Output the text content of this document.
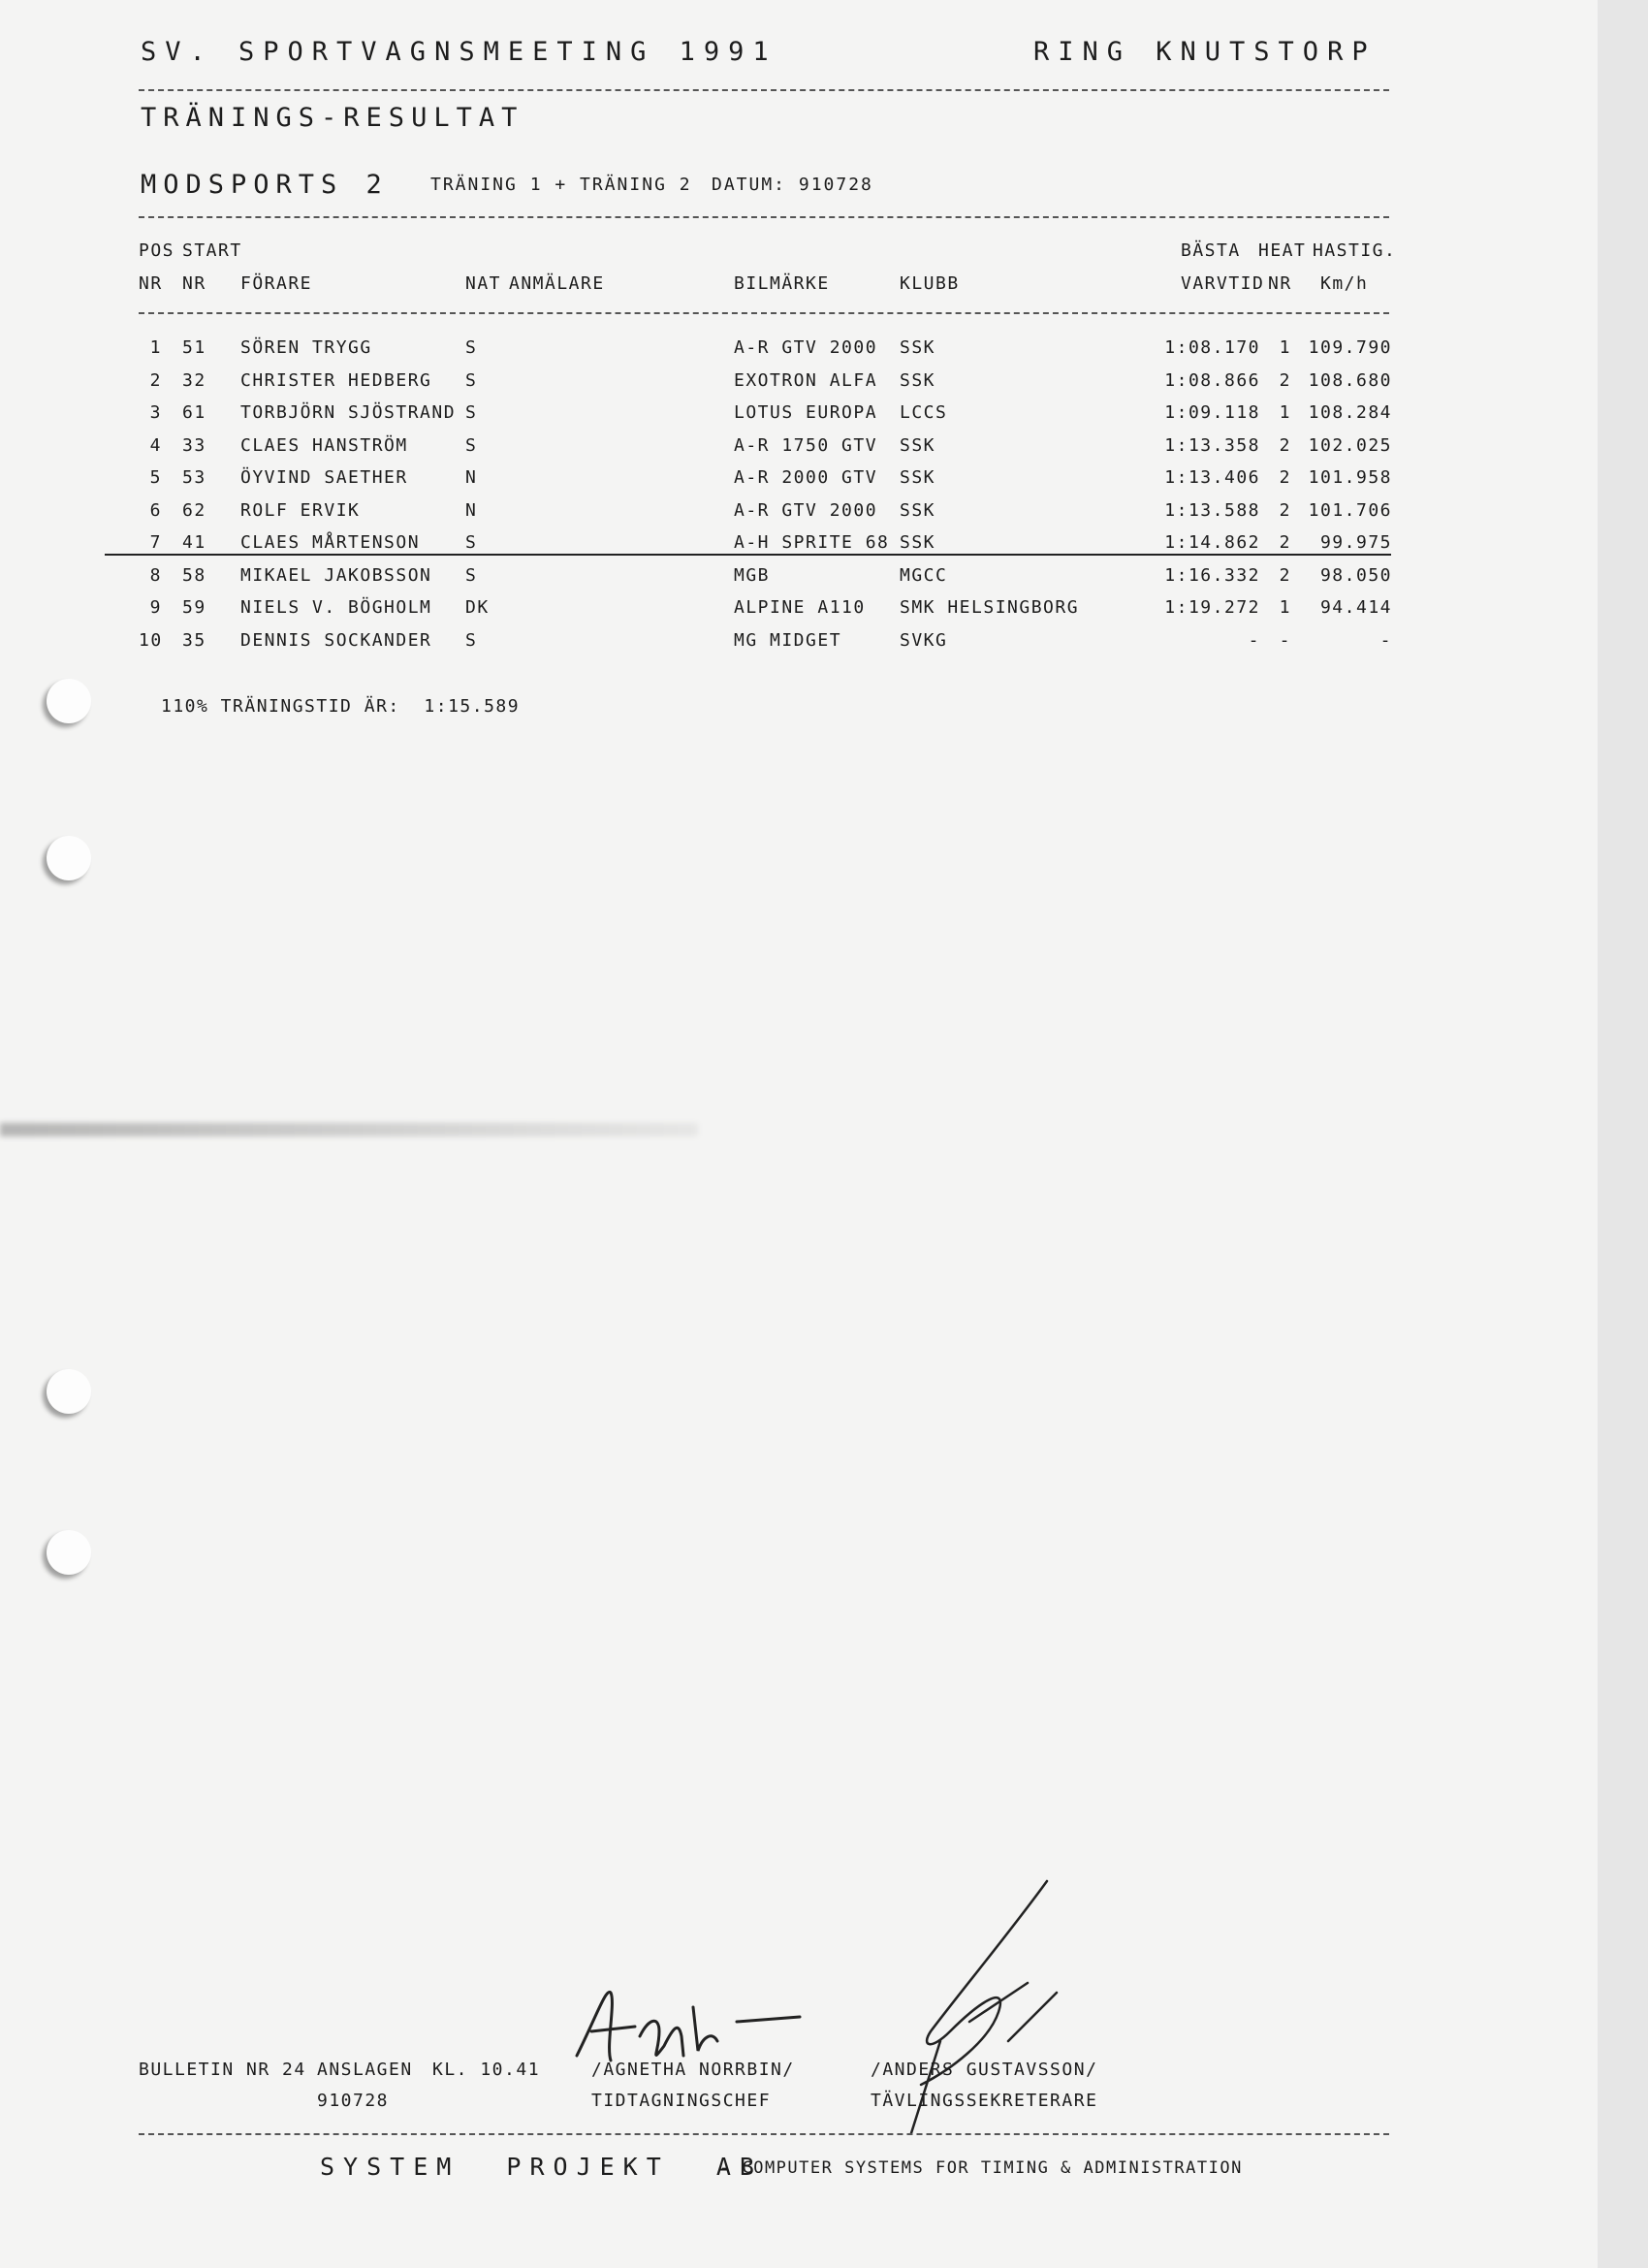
SV. SPORTVAGNSMEETING 1991	RING KNUTSTORP
TRÄNINGS-RESULTAT
MODSPORTS 2 TRÄNING 1 + TRÄNING 2 DATUM: 910728
POS START	BÄSTA HEAT HASTIG.
NR NR FÖRARE	NAT ANMÄLARE	BILMÄRKE	KLUBB	VARVTID NR Km/h
1 51	SÖREN TRYGG	S	A-R GTV 2000	SSK	1:08.170	1 109.790
2 32	CHRISTER HEDBERG	S	EXOTRON ALFA	SSK	1:08.866	2 108.680
3 61	TORBJÖRN SJÖSTRAND S	LOTUS EUROPA	LCCS	1:09.118	1 108.284
4 33	CLAES HANSTRÖM	S	A-R 1750 GTV	SSK	1:13.358	2 102.025
5 53	ÖYVIND SAETHER	N	A-R 2000 GTV	SSK	1:13.406	2 101.958
6 62	ROLF ERVIK	N	A-R GTV 2000	SSK	1:13.588	2 101.706
7 41	CLAES MÅRTENSON	S	A-H SPRITE 68 SSK	1:14.862	2	99.975
8 58	MIKAEL JAKOBSSON	S	MGB	MGCC	1:16.332	2	98.050
9 59	NIELS V. BÖGHOLM	DK	ALPINE A110	SMK HELSINGBORG	1:19.272	1	94.414
10 35	DENNIS SOCKANDER	S	MG MIDGET	SVKG	-	-	-
110% TRÄNINGSTID ÄR:  1:15.589
BULLETIN NR 24 ANSLAGEN KL. 10.41
910728
/AGNETHA NORRBIN/
TIDTAGNINGSCHEF
/ANDERS GUSTAVSSON/
TÄVLINGSSEKRETERARE
SYSTEM  PROJEKT  AB
- COMPUTER SYSTEMS FOR TIMING & ADMINISTRATION
